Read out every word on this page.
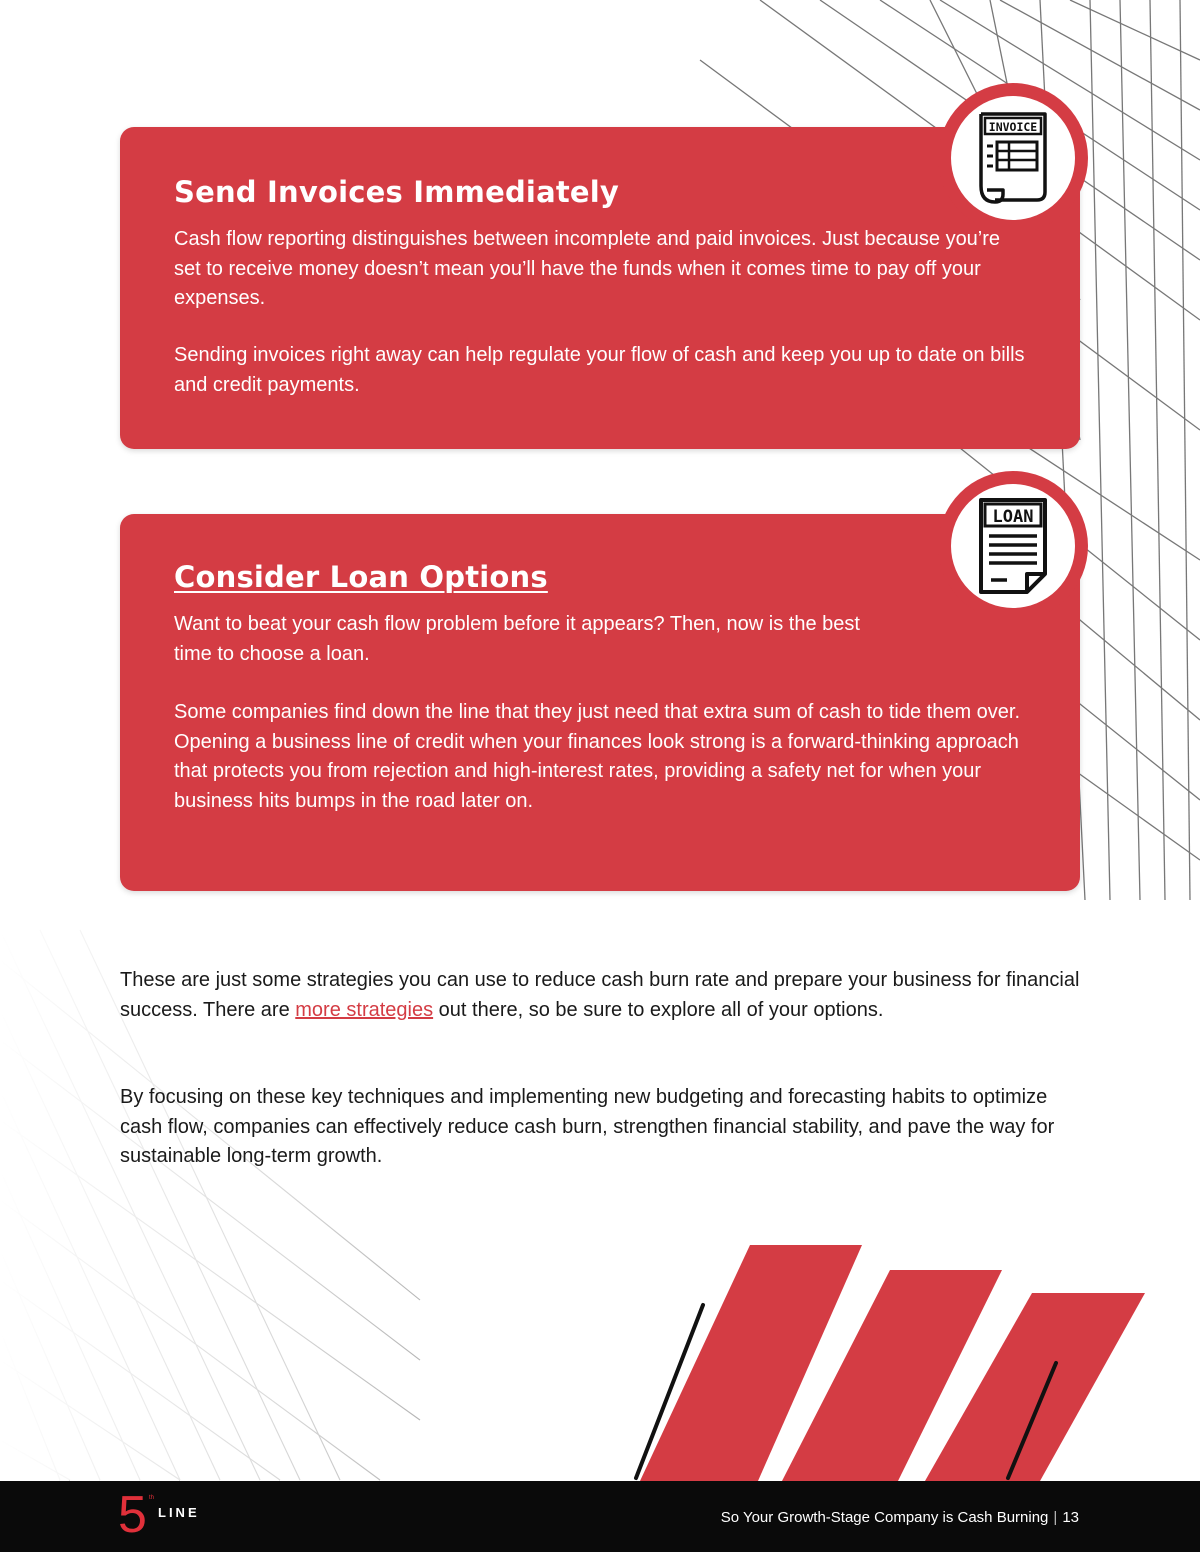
Send Invoices Immediately

Cash flow reporting distinguishes between incomplete and paid invoices. Just because you’re set to receive money doesn’t mean you’ll have the funds when it comes time to pay off your expenses.

Sending invoices right away can help regulate your flow of cash and keep you up to date on bills and credit payments.

INVOICE
Consider Loan Options

Want to beat your cash flow problem before it appears? Then, now is the best time to choose a loan.

Some companies find down the line that they just need that extra sum of cash to tide them over. Opening a business line of credit when your finances look strong is a forward-thinking approach that protects you from rejection and high-interest rates, providing a safety net for when your business hits bumps in the road later on.

LOAN

These are just some strategies you can use to reduce cash burn rate and prepare your business for financial success. There are more strategies out there, so be sure to explore all of your options.

By focusing on these key techniques and implementing new budgeting and forecasting habits to optimize cash flow, companies can effectively reduce cash burn, strengthen financial stability, and pave the way for sustainable long-term growth.

5 th
LINE	So Your Growth-Stage Company is Cash Burning | 13
